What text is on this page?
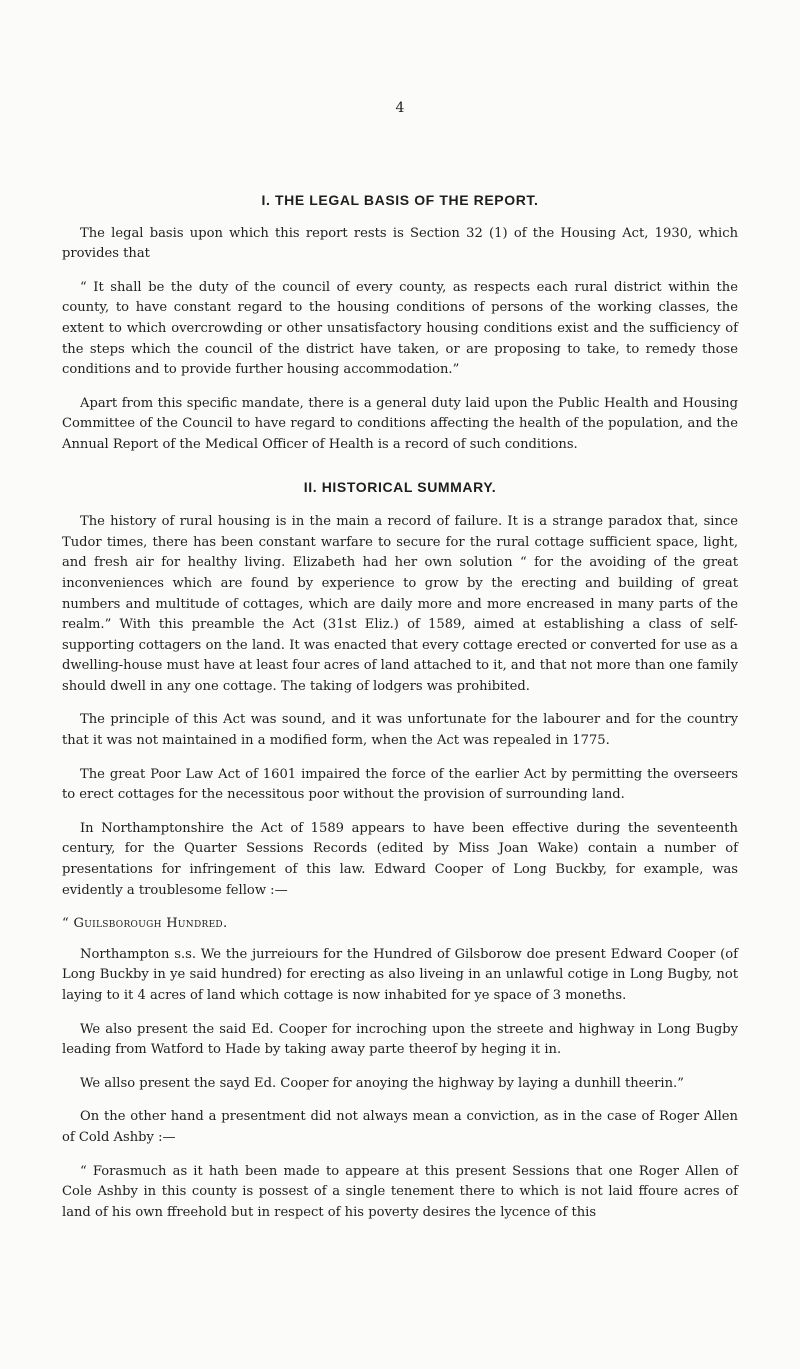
4
I. THE LEGAL BASIS OF THE REPORT.

The legal basis upon which this report rests is Section 32 (1) of the Housing Act, 1930, which provides that

“ It shall be the duty of the council of every county, as respects each rural district within the county, to have constant regard to the housing conditions of persons of the working classes, the extent to which overcrowding or other unsatisfactory housing conditions exist and the sufficiency of the steps which the council of the district have taken, or are proposing to take, to remedy those conditions and to provide further housing accommodation.”

Apart from this specific mandate, there is a general duty laid upon the Public Health and Housing Committee of the Council to have regard to conditions affecting the health of the population, and the Annual Report of the Medical Officer of Health is a record of such conditions.

II. HISTORICAL SUMMARY.

The history of rural housing is in the main a record of failure. It is a strange paradox that, since Tudor times, there has been constant warfare to secure for the rural cottage sufficient space, light, and fresh air for healthy living. Elizabeth had her own solution “ for the avoiding of the great inconveniences which are found by experience to grow by the erecting and building of great numbers and multitude of cottages, which are daily more and more encreased in many parts of the realm.” With this preamble the Act (31st Eliz.) of 1589, aimed at establishing a class of self-supporting cottagers on the land. It was enacted that every cottage erected or converted for use as a dwelling-house must have at least four acres of land attached to it, and that not more than one family should dwell in any one cottage. The taking of lodgers was prohibited.

The principle of this Act was sound, and it was unfortunate for the labourer and for the country that it was not maintained in a modified form, when the Act was repealed in 1775.

The great Poor Law Act of 1601 impaired the force of the earlier Act by permitting the overseers to erect cottages for the necessitous poor without the provision of surrounding land.

In Northamptonshire the Act of 1589 appears to have been effective during the seventeenth century, for the Quarter Sessions Records (edited by Miss Joan Wake) contain a number of presentations for infringement of this law. Edward Cooper of Long Buckby, for example, was evidently a troublesome fellow :—

“ Guilsborough Hundred.

Northampton s.s. We the jurreiours for the Hundred of Gilsborow doe present Edward Cooper (of Long Buckby in ye said hundred) for erecting as also liveing in an unlawful cotige in Long Bugby, not laying to it 4 acres of land which cottage is now inhabited for ye space of 3 moneths.

We also present the said Ed. Cooper for incroching upon the streete and highway in Long Bugby leading from Watford to Hade by taking away parte theerof by heging it in.

We allso present the sayd Ed. Cooper for anoying the highway by laying a dunhill theerin.”

On the other hand a presentment did not always mean a conviction, as in the case of Roger Allen of Cold Ashby :—

“ Forasmuch as it hath been made to appeare at this present Sessions that one Roger Allen of Cole Ashby in this county is possest of a single tenement there to which is not laid ffoure acres of land of his own ffreehold but in respect of his poverty desires the lycence of this
